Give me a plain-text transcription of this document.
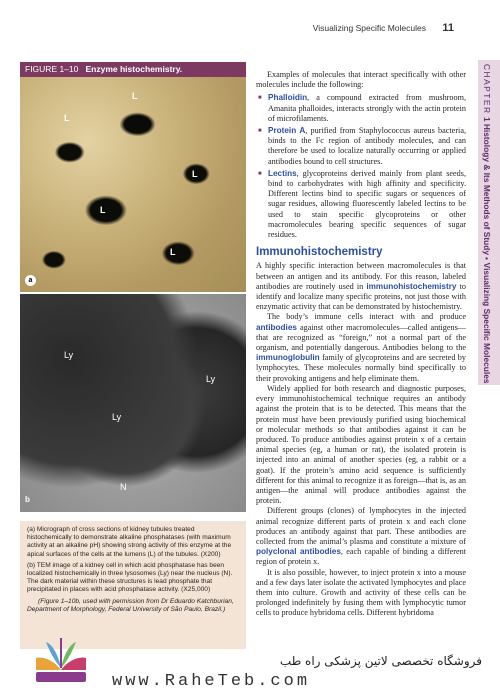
Visualizing Specific Molecules 11
CHAPTER 1 Histology & Its Methods of Study • Visualizing Specific Molecules
FIGURE 1–10 Enzyme histochemistry.
L
L
L
L
L
a
Ly
Ly
Ly
N
b

(a) Micrograph of cross sections of kidney tubules treated histochemically to demonstrate alkaline phosphatases (with maximum activity at an alkaline pH) showing strong activity of this enzyme at the apical surfaces of the cells at the lumens (L) of the tubules. (X200)

(b) TEM image of a kidney cell in which acid phosphatase has been localized histochemically in three lysosomes (Ly) near the nucleus (N). The dark material within these structures is lead phosphate that precipitated in places with acid phosphatase activity. (X25,000)

(Figure 1–10b, used with permission from Dr Eduardo Katchburian, Department of Morphology, Federal University of São Paulo, Brazil.)

Examples of molecules that interact specifically with other molecules include the following:

■ Phalloidin, a compound extracted from mushroom, Amanita phalloides, interacts strongly with the actin protein of microfilaments.
■ Protein A, purified from Staphylococcus aureus bacteria, binds to the Fc region of antibody molecules, and can therefore be used to localize naturally occurring or applied antibodies bound to cell structures.
■ Lectins, glycoproteins derived mainly from plant seeds, bind to carbohydrates with high affinity and specificity. Different lectins bind to specific sugars or sequences of sugar residues, allowing fluorescently labeled lectins to be used to stain specific glycoproteins or other macromolecules bearing specific sequences of sugar residues.
Immunohistochemistry

A highly specific interaction between macromolecules is that between an antigen and its antibody. For this reason, labeled antibodies are routinely used in immunohistochemistry to identify and localize many specific proteins, not just those with enzymatic activity that can be demonstrated by histochemistry.

The body’s immune cells interact with and produce antibodies against other macromolecules—called antigens—that are recognized as “foreign,” not a normal part of the organism, and potentially dangerous. Antibodies belong to the immunoglobulin family of glycoproteins and are secreted by lymphocytes. These molecules normally bind specifically to their provoking antigens and help eliminate them.

Widely applied for both research and diagnostic purposes, every immunohistochemical technique requires an antibody against the protein that is to be detected. This means that the protein must have been previously purified using biochemical or molecular methods so that antibodies against it can be produced. To produce antibodies against protein x of a certain animal species (eg, a human or rat), the isolated protein is injected into an animal of another species (eg, a rabbit or a goat). If the protein’s amino acid sequence is sufficiently different for this animal to recognize it as foreign—that is, as an antigen—the animal will produce antibodies against the protein.

Different groups (clones) of lymphocytes in the injected animal recognize different parts of protein x and each clone produces an antibody against that part. These antibodies are collected from the animal’s plasma and constitute a mixture of polyclonal antibodies, each capable of binding a different region of protein x.

It is also possible, however, to inject protein x into a mouse and a few days later isolate the activated lymphocytes and place them into culture. Growth and activity of these cells can be prolonged indefinitely by fusing them with lymphocytic tumor cells to produce hybridoma cells. Different hybridoma

فروشگاه تخصصی لاتین پزشکی راه طب
www.RaheTeb.com
